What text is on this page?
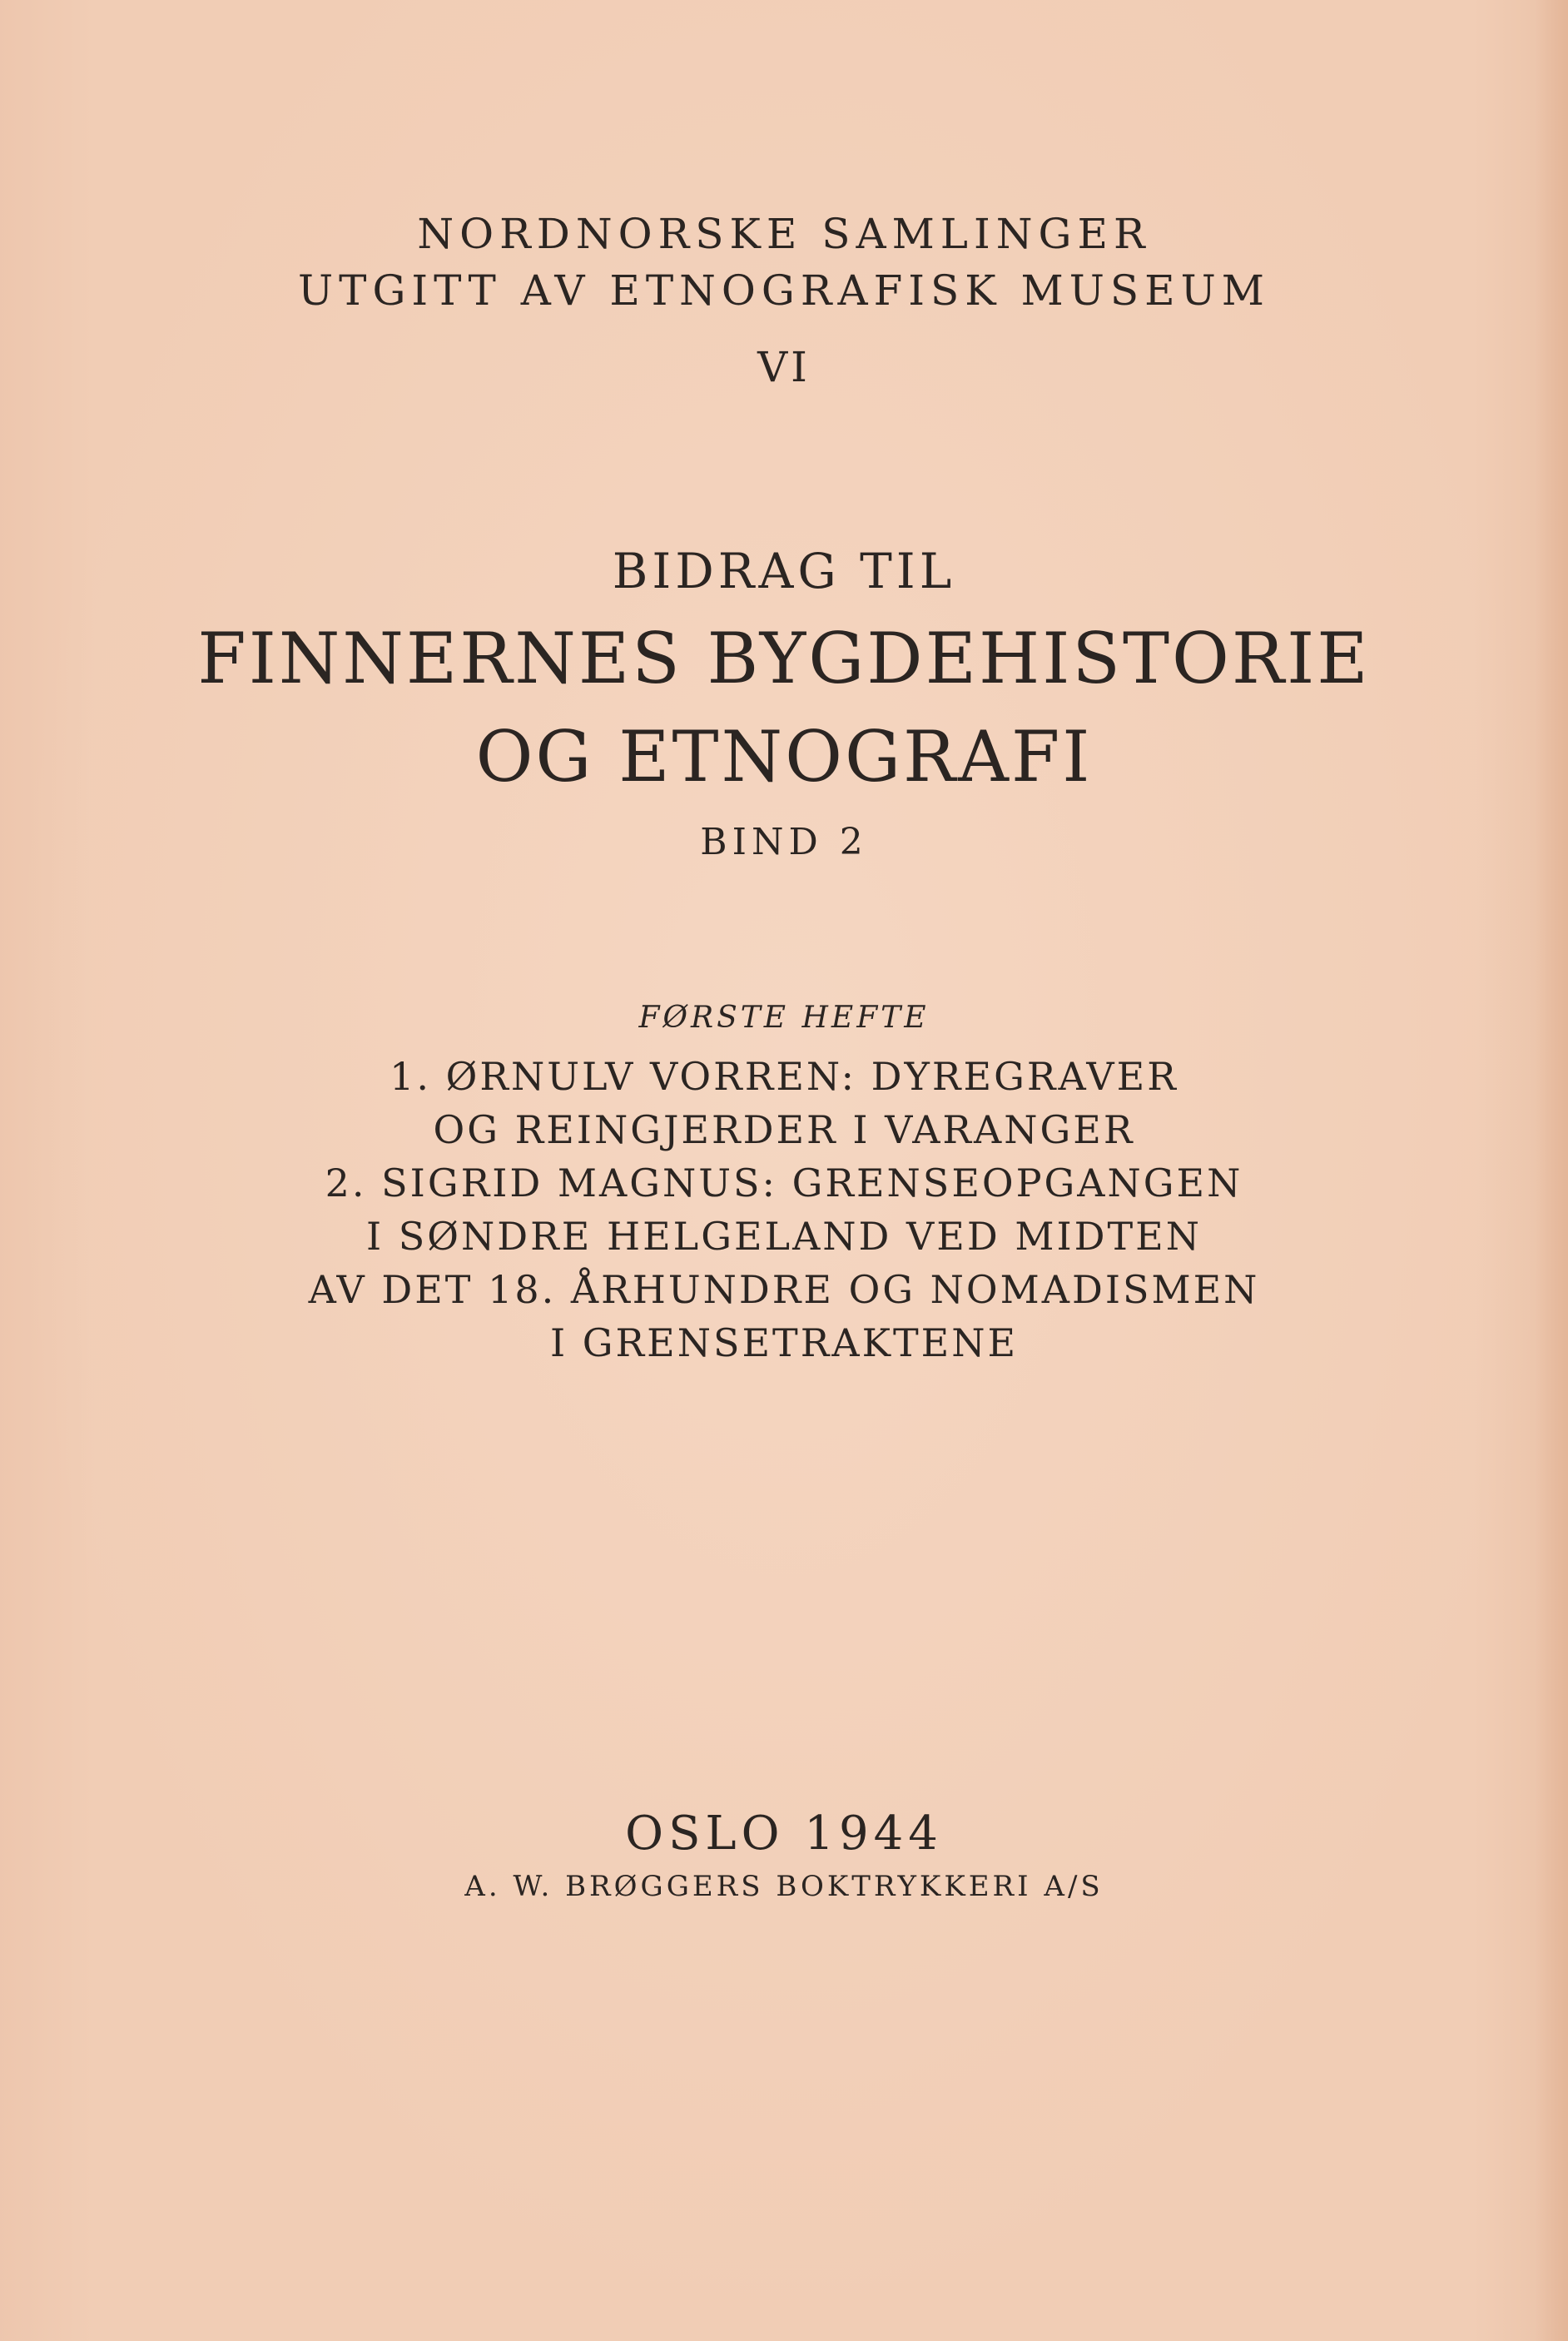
NORDNORSKE SAMLINGER

UTGITT AV ETNOGRAFISK MUSEUM

VI

BIDRAG TIL
FINNERNES BYGDEHISTORIE
OG ETNOGRAFI

BIND 2

FØRSTE HEFTE

1. ØRNULV VORREN: DYREGRAVER

OG REINGJERDER I VARANGER

2. SIGRID MAGNUS: GRENSEOPGANGEN

I SØNDRE HELGELAND VED MIDTEN

AV DET 18. ÅRHUNDRE OG NOMADISMEN

I GRENSETRAKTENE

OSLO 1944

A. W. BRØGGERS BOKTRYKKERI A/S
